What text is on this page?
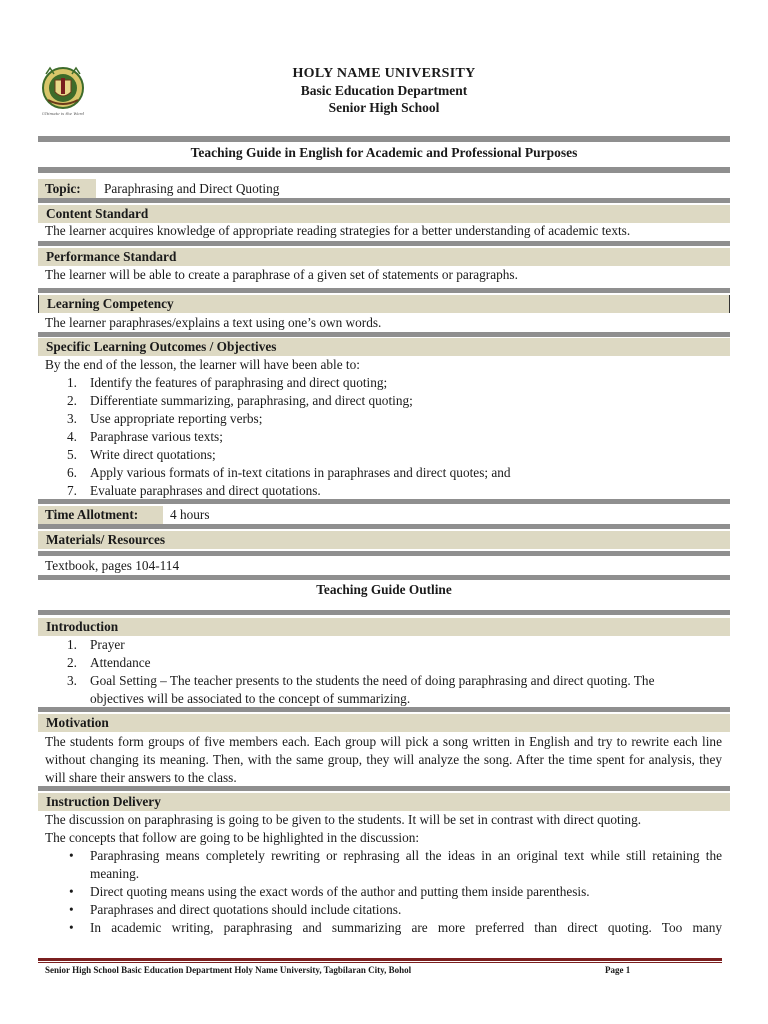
Ultimate is the Word
HOLY NAME UNIVERSITY
Basic Education Department
Senior High School
Teaching Guide in English for Academic and Professional Purposes
Topic:	Paraphrasing and Direct Quoting
Content Standard
The learner acquires knowledge of appropriate reading strategies for a better understanding of academic texts.
Performance Standard
The learner will be able to create a paraphrase of a given set of statements or paragraphs.
Learning Competency
The learner paraphrases/explains a text using one’s own words.
Specific Learning Outcomes / Objectives
By the end of the lesson, the learner will have been able to:
1. Identify the features of paraphrasing and direct quoting;
2. Differentiate summarizing, paraphrasing, and direct quoting;
3. Use appropriate reporting verbs;
4. Paraphrase various texts;
5. Write direct quotations;
6. Apply various formats of in-text citations in paraphrases and direct quotes; and
7. Evaluate paraphrases and direct quotations.
Time Allotment:	4 hours
Materials/ Resources
Textbook, pages 104-114
Teaching Guide Outline
Introduction
1. Prayer
2. Attendance
3. Goal Setting – The teacher presents to the students the need of doing paraphrasing and direct quoting. The objectives will be associated to the concept of summarizing.
Motivation
The students form groups of five members each. Each group will pick a song written in English and try to rewrite each line without changing its meaning. Then, with the same group, they will analyze the song. After the time spent for analysis, they will share their answers to the class.
Instruction Delivery
The discussion on paraphrasing is going to be given to the students. It will be set in contrast with direct quoting.
The concepts that follow are going to be highlighted in the discussion:
• Paraphrasing means completely rewriting or rephrasing all the ideas in an original text while still retaining the meaning.
• Direct quoting means using the exact words of the author and putting them inside parenthesis.
• Paraphrases and direct quotations should include citations.
• In academic writing, paraphrasing and summarizing are more preferred than direct quoting. Too many
Senior High School Basic Education Department Holy Name University, Tagbilaran City, Bohol	Page 1
